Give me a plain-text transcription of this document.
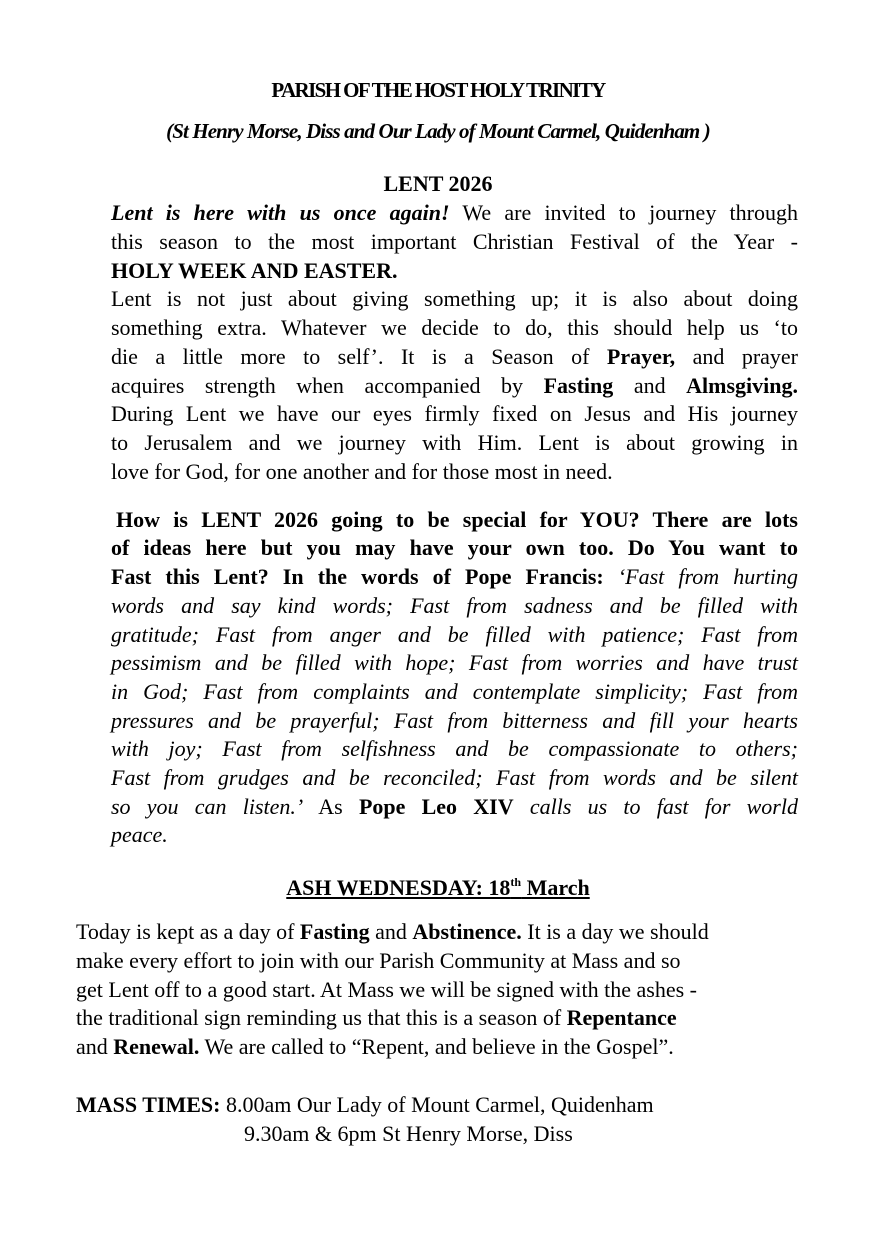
PARISH OF THE HOST HOLY TRINITY
(St Henry Morse, Diss and Our Lady of Mount Carmel, Quidenham )
LENT 2026
Lent is here with us once again! We are invited to journey through
this season to the most important Christian Festival of the Year -
HOLY WEEK AND EASTER.
Lent is not just about giving something up; it is also about doing
something extra. Whatever we decide to do, this should help us ‘to
die a little more to self’. It is a Season of Prayer, and prayer
acquires strength when accompanied by Fasting and Almsgiving.
During Lent we have our eyes firmly fixed on Jesus and His journey
to Jerusalem and we journey with Him. Lent is about growing in
love for God, for one another and for those most in need.
How is LENT 2026 going to be special for YOU? There are lots
of ideas here but you may have your own too. Do You want to
Fast this Lent? In the words of Pope Francis: ‘Fast from hurting
words and say kind words; Fast from sadness and be filled with
gratitude; Fast from anger and be filled with patience; Fast from
pessimism and be filled with hope; Fast from worries and have trust
in God; Fast from complaints and contemplate simplicity; Fast from
pressures and be prayerful; Fast from bitterness and fill your hearts
with joy; Fast from selfishness and be compassionate to others;
Fast from grudges and be reconciled; Fast from words and be silent
so you can listen.’ As Pope Leo XIV calls us to fast for world
peace.
ASH WEDNESDAY: 18th March
Today is kept as a day of Fasting and Abstinence. It is a day we should
make every effort to join with our Parish Community at Mass and so
get Lent off to a good start. At Mass we will be signed with the ashes -
the traditional sign reminding us that this is a season of Repentance
and Renewal. We are called to “Repent, and believe in the Gospel”.
MASS TIMES: 8.00am Our Lady of Mount Carmel, Quidenham
9.30am & 6pm St Henry Morse, Diss
